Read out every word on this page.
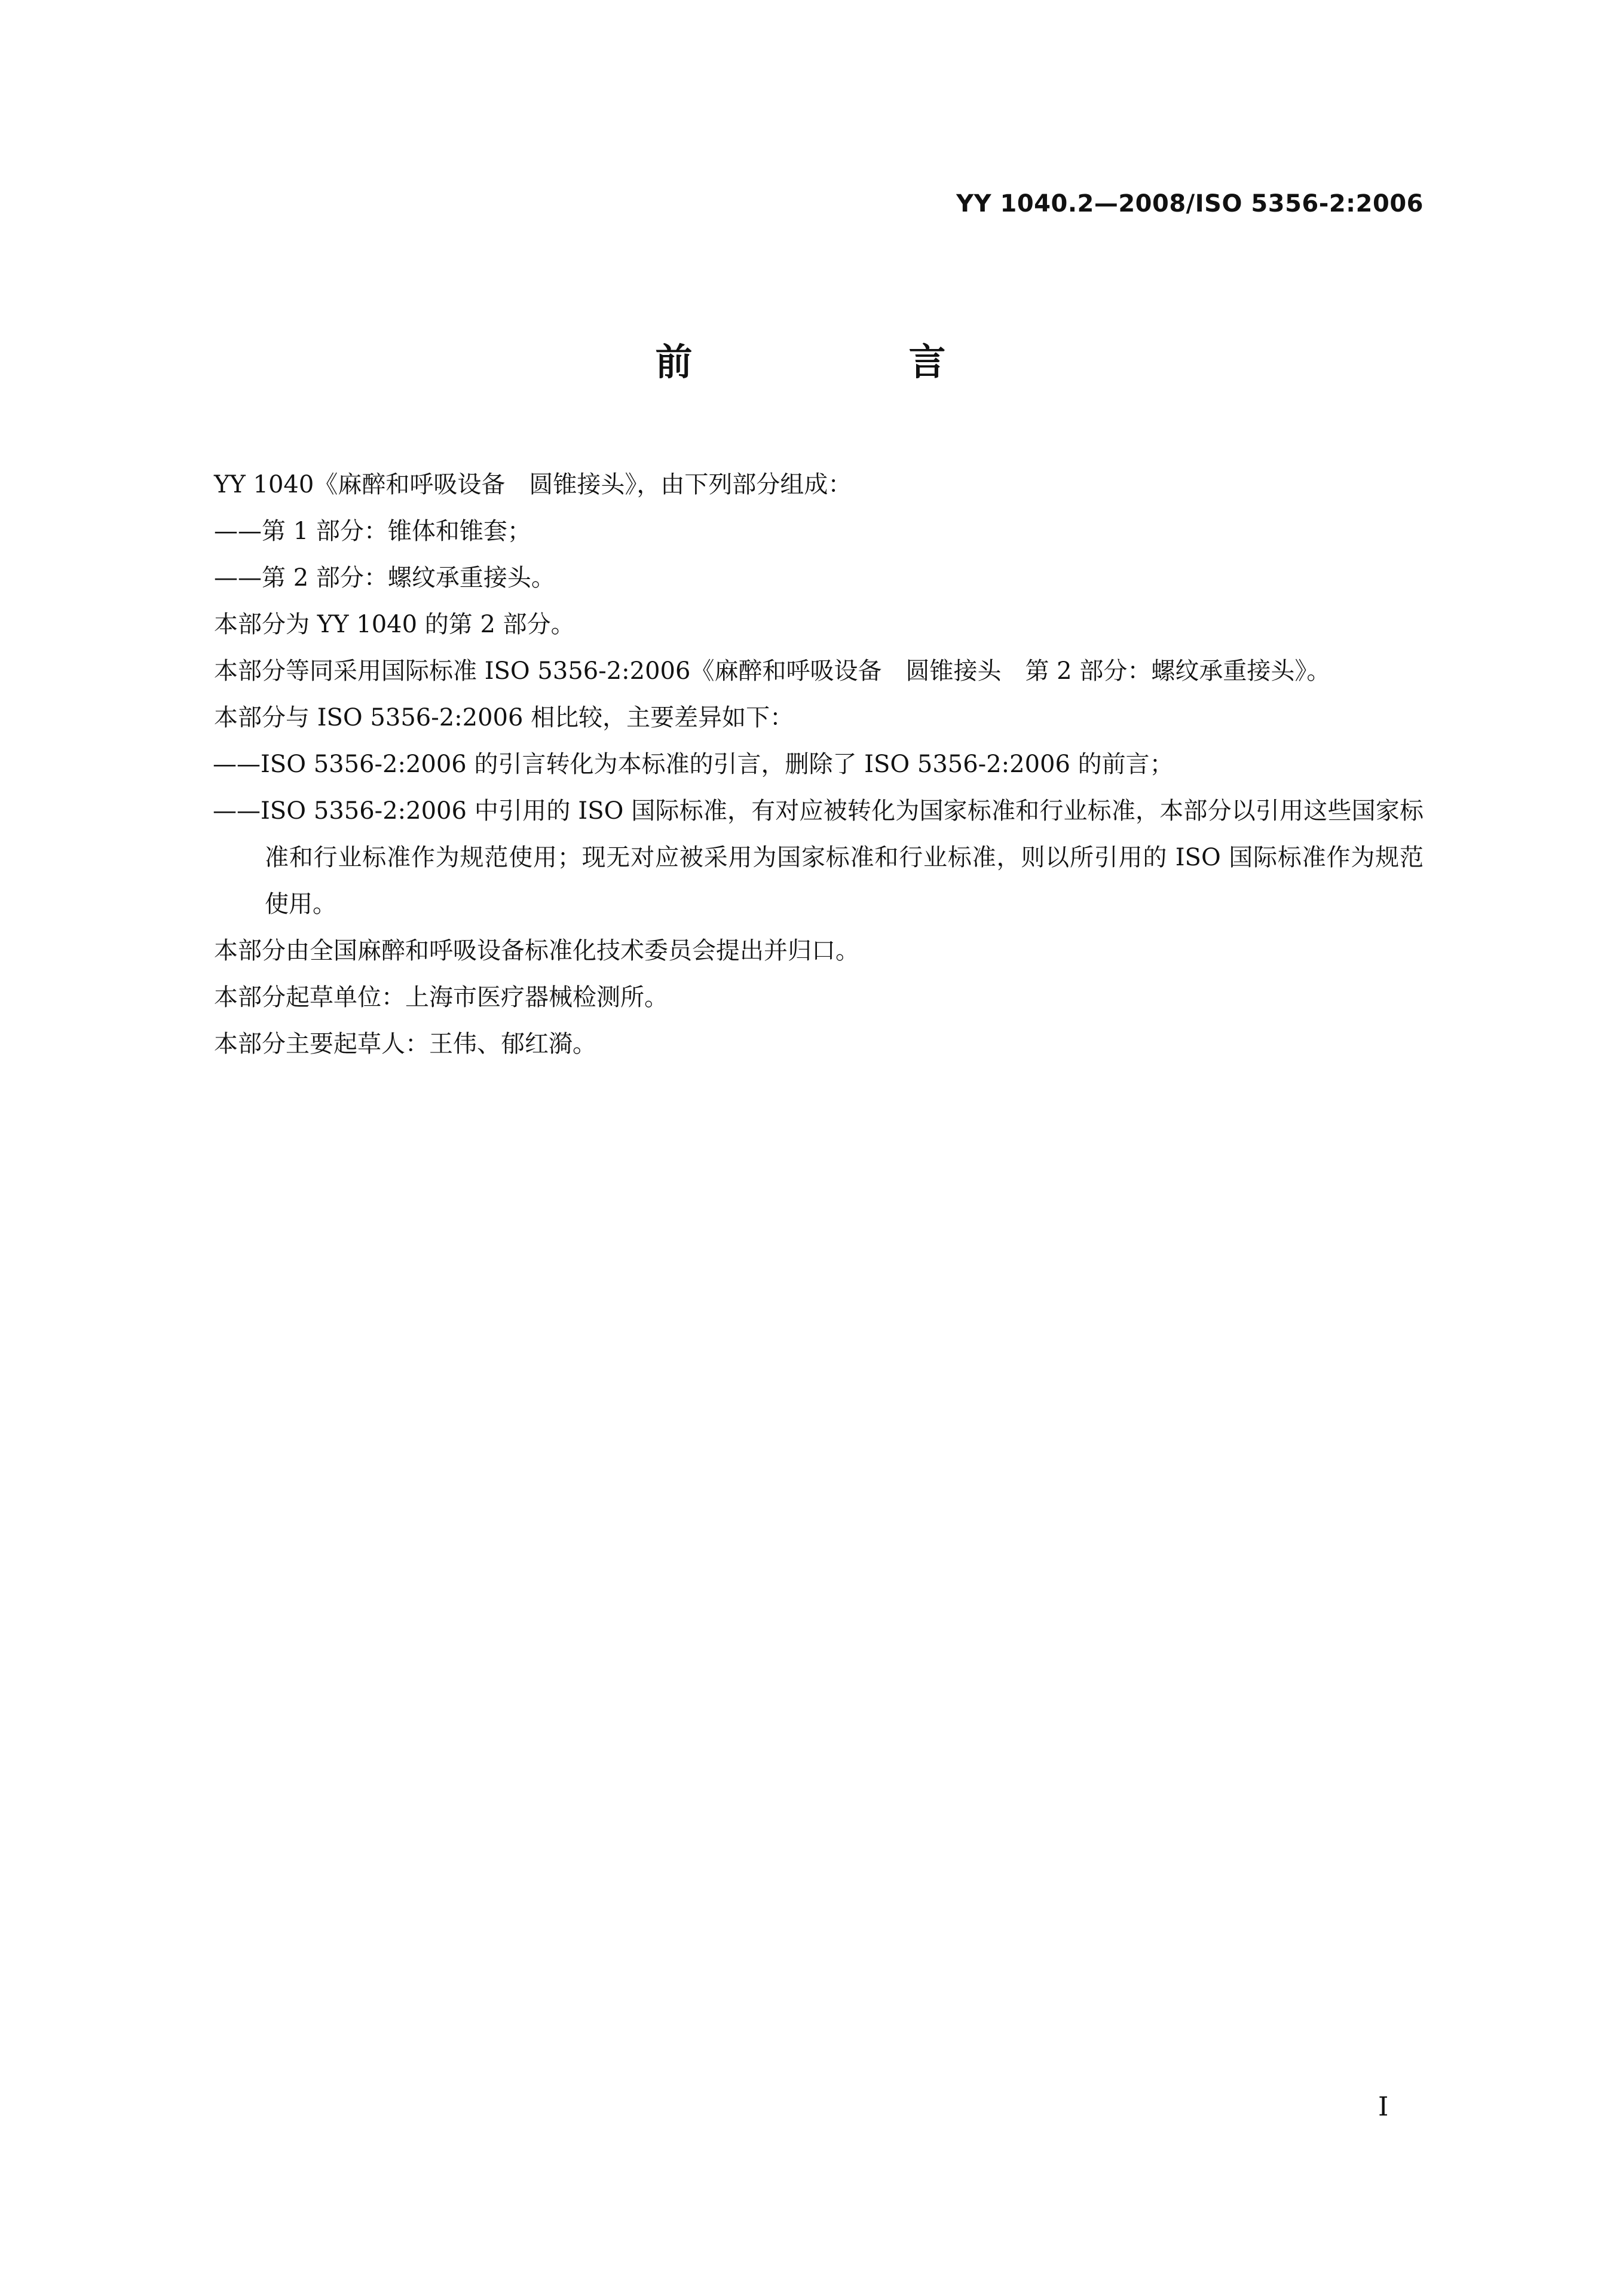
YY 1040.2—2008/ISO 5356-2:2006
前　言

YY 1040《麻醉和呼吸设备　圆锥接头》，由下列部分组成：

——第 1 部分：锥体和锥套；

——第 2 部分：螺纹承重接头。

本部分为 YY 1040 的第 2 部分。

本部分等同采用国际标准 ISO 5356-2:2006《麻醉和呼吸设备　圆锥接头　第 2 部分：螺纹承重接头》。

本部分与 ISO 5356-2:2006 相比较，主要差异如下：

——ISO 5356-2:2006 的引言转化为本标准的引言，删除了 ISO 5356-2:2006 的前言；

——ISO 5356-2:2006 中引用的 ISO 国际标准，有对应被转化为国家标准和行业标准，本部分以引用这些国家标准和行业标准作为规范使用；现无对应被采用为国家标准和行业标准，则以所引用的 ISO 国际标准作为规范使用。

本部分由全国麻醉和呼吸设备标准化技术委员会提出并归口。

本部分起草单位：上海市医疗器械检测所。

本部分主要起草人：王伟、郁红漪。

I
